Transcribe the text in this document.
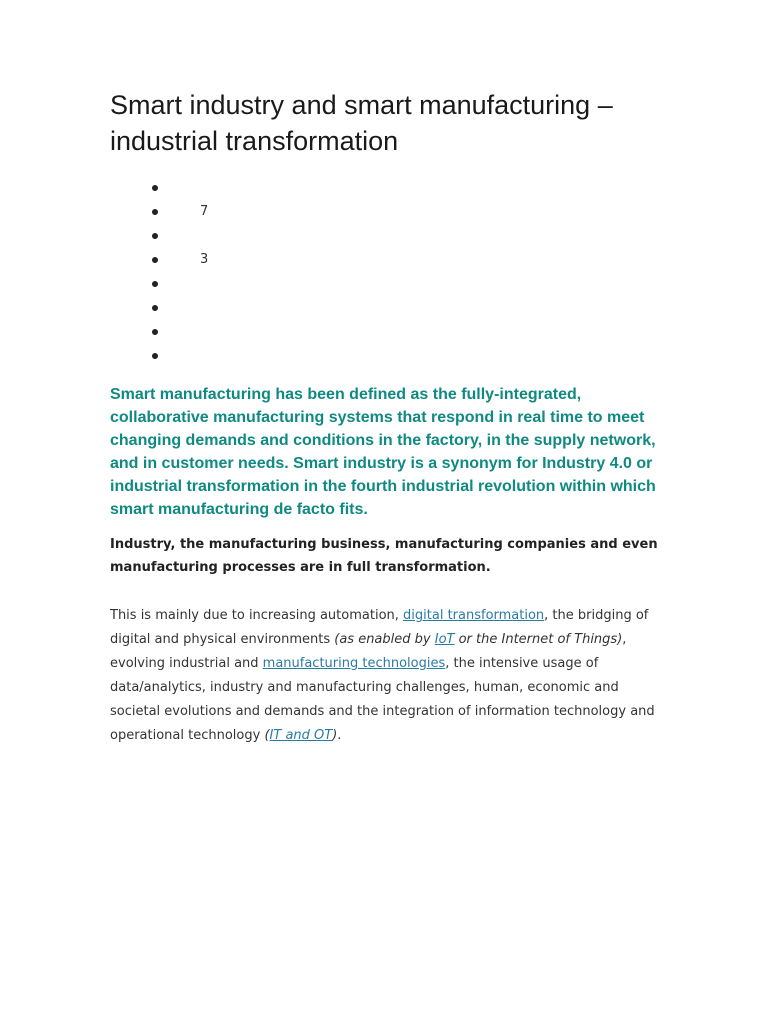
Smart industry and smart manufacturing – industrial transformation
7
3

Smart manufacturing has been defined as the fully-integrated, collaborative manufacturing systems that respond in real time to meet changing demands and conditions in the factory, in the supply network, and in customer needs. Smart industry is a synonym for Industry 4.0 or industrial transformation in the fourth industrial revolution within which smart manufacturing de facto fits.

Industry, the manufacturing business, manufacturing companies and even manufacturing processes are in full transformation.

This is mainly due to increasing automation, digital transformation, the bridging of digital and physical environments (as enabled by IoT or the Internet of Things), evolving industrial and manufacturing technologies, the intensive usage of data/analytics, industry and manufacturing challenges, human, economic and societal evolutions and demands and the integration of information technology and operational technology (IT and OT).
